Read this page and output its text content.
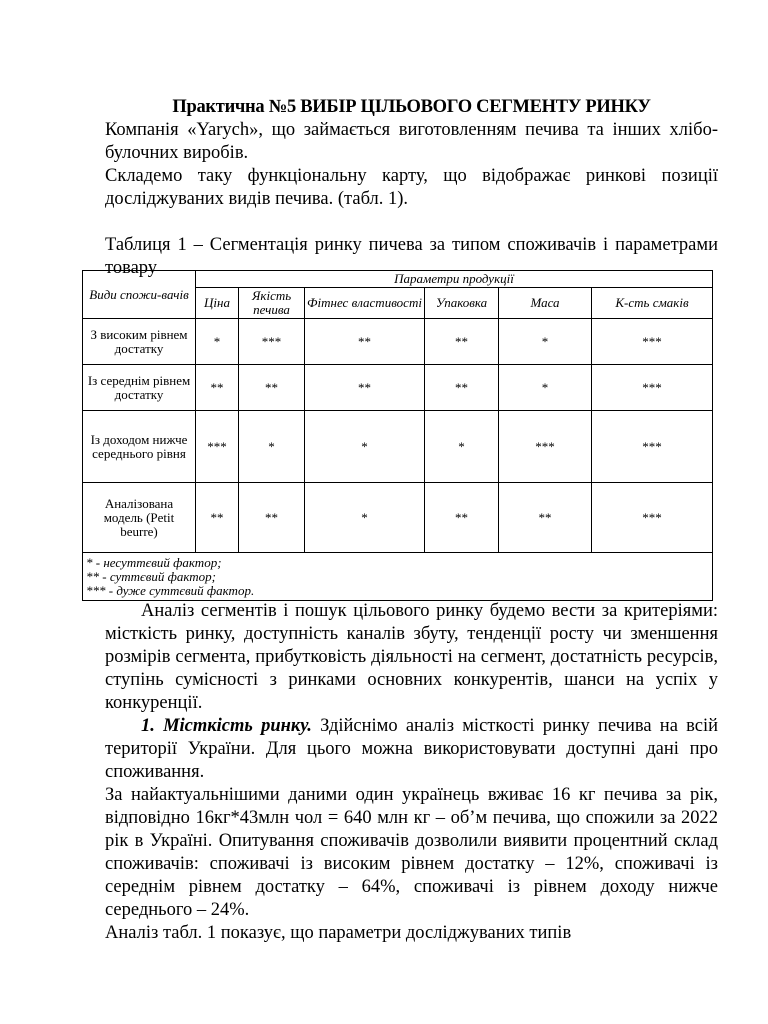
Практична №5 ВИБІР ЦІЛЬОВОГО СЕГМЕНТУ РИНКУ

Компанія «Yarych», що займається виготовленням печива та інших хлібо-булочних виробів.

Складемо таку функціональну карту, що відображає ринкові позиції досліджуваних видів печива. (табл. 1).

Таблиця 1 – Сегментація ринку пичева за типом споживачів і параметрами товару

Види спожи-вачів	Параметри продукції					
	Ціна	Якість печива	Фітнес властивості	Упаковка	Маса	К-сть смаків
З високим рівнем достатку	*	***	**	**	*	***
Із середнім рівнем достатку	**	**	**	**	*	***
Із доходом нижче середнього рівня	***	*	*	*	***	***
Аналізована модель (Petit beurre)	**	**	*	**	**	***

* - несуттєвий фактор;
** - суттєвий фактор;
*** - дуже суттєвий фактор.						

Аналіз сегментів і пошук цільового ринку будемо вести за критеріями: місткість ринку, доступність каналів збуту, тенденції росту чи зменшення розмірів сегмента, прибутковість діяльності на сегмент, достатність ресурсів, ступінь сумісності з ринками основних конкурентів, шанси на успіх у конкуренції.

1. Місткість ринку. Здійснімо аналіз місткості ринку печива на всій території України. Для цього можна використовувати доступні дані про споживання.

За найактуальнішими даними один українець вживає 16 кг печива за рік, відповідно 16кг*43млн чол = 640 млн кг – об’м печива, що спожили за 2022 рік в Україні. Опитування споживачів дозволили виявити процентний склад споживачів: споживачі із високим рівнем достатку – 12%, споживачі із середнім рівнем достатку – 64%, споживачі із рівнем доходу нижче середнього – 24%.

Аналіз табл. 1 показує, що параметри досліджуваних типів
